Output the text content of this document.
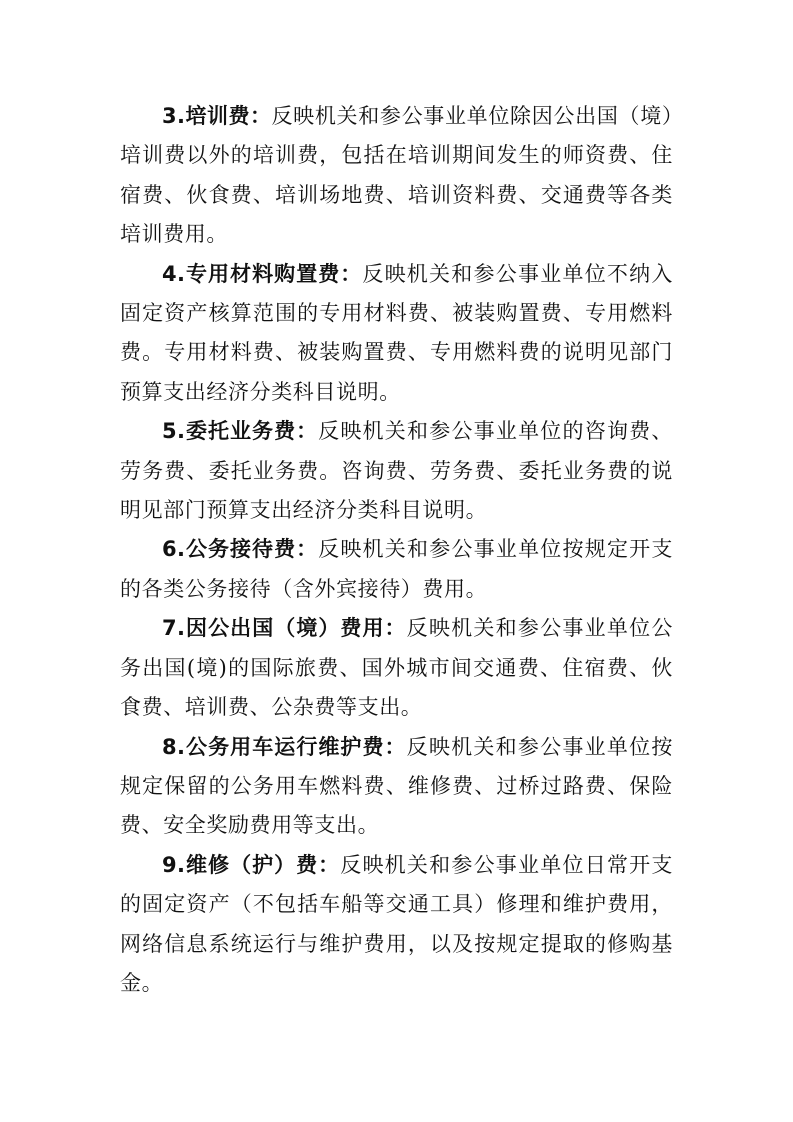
3.培训费：反映机关和参公事业单位除因公出国（境）培训费以外的培训费，包括在培训期间发生的师资费、住宿费、伙食费、培训场地费、培训资料费、交通费等各类培训费用。

4.专用材料购置费：反映机关和参公事业单位不纳入固定资产核算范围的专用材料费、被装购置费、专用燃料费。专用材料费、被装购置费、专用燃料费的说明见部门预算支出经济分类科目说明。

5.委托业务费：反映机关和参公事业单位的咨询费、劳务费、委托业务费。咨询费、劳务费、委托业务费的说明见部门预算支出经济分类科目说明。

6.公务接待费：反映机关和参公事业单位按规定开支的各类公务接待（含外宾接待）费用。

7.因公出国（境）费用：反映机关和参公事业单位公务出国(境)的国际旅费、国外城市间交通费、住宿费、伙食费、培训费、公杂费等支出。

8.公务用车运行维护费：反映机关和参公事业单位按规定保留的公务用车燃料费、维修费、过桥过路费、保险费、安全奖励费用等支出。

9.维修（护）费：反映机关和参公事业单位日常开支的固定资产（不包括车船等交通工具）修理和维护费用，网络信息系统运行与维护费用，以及按规定提取的修购基金。
